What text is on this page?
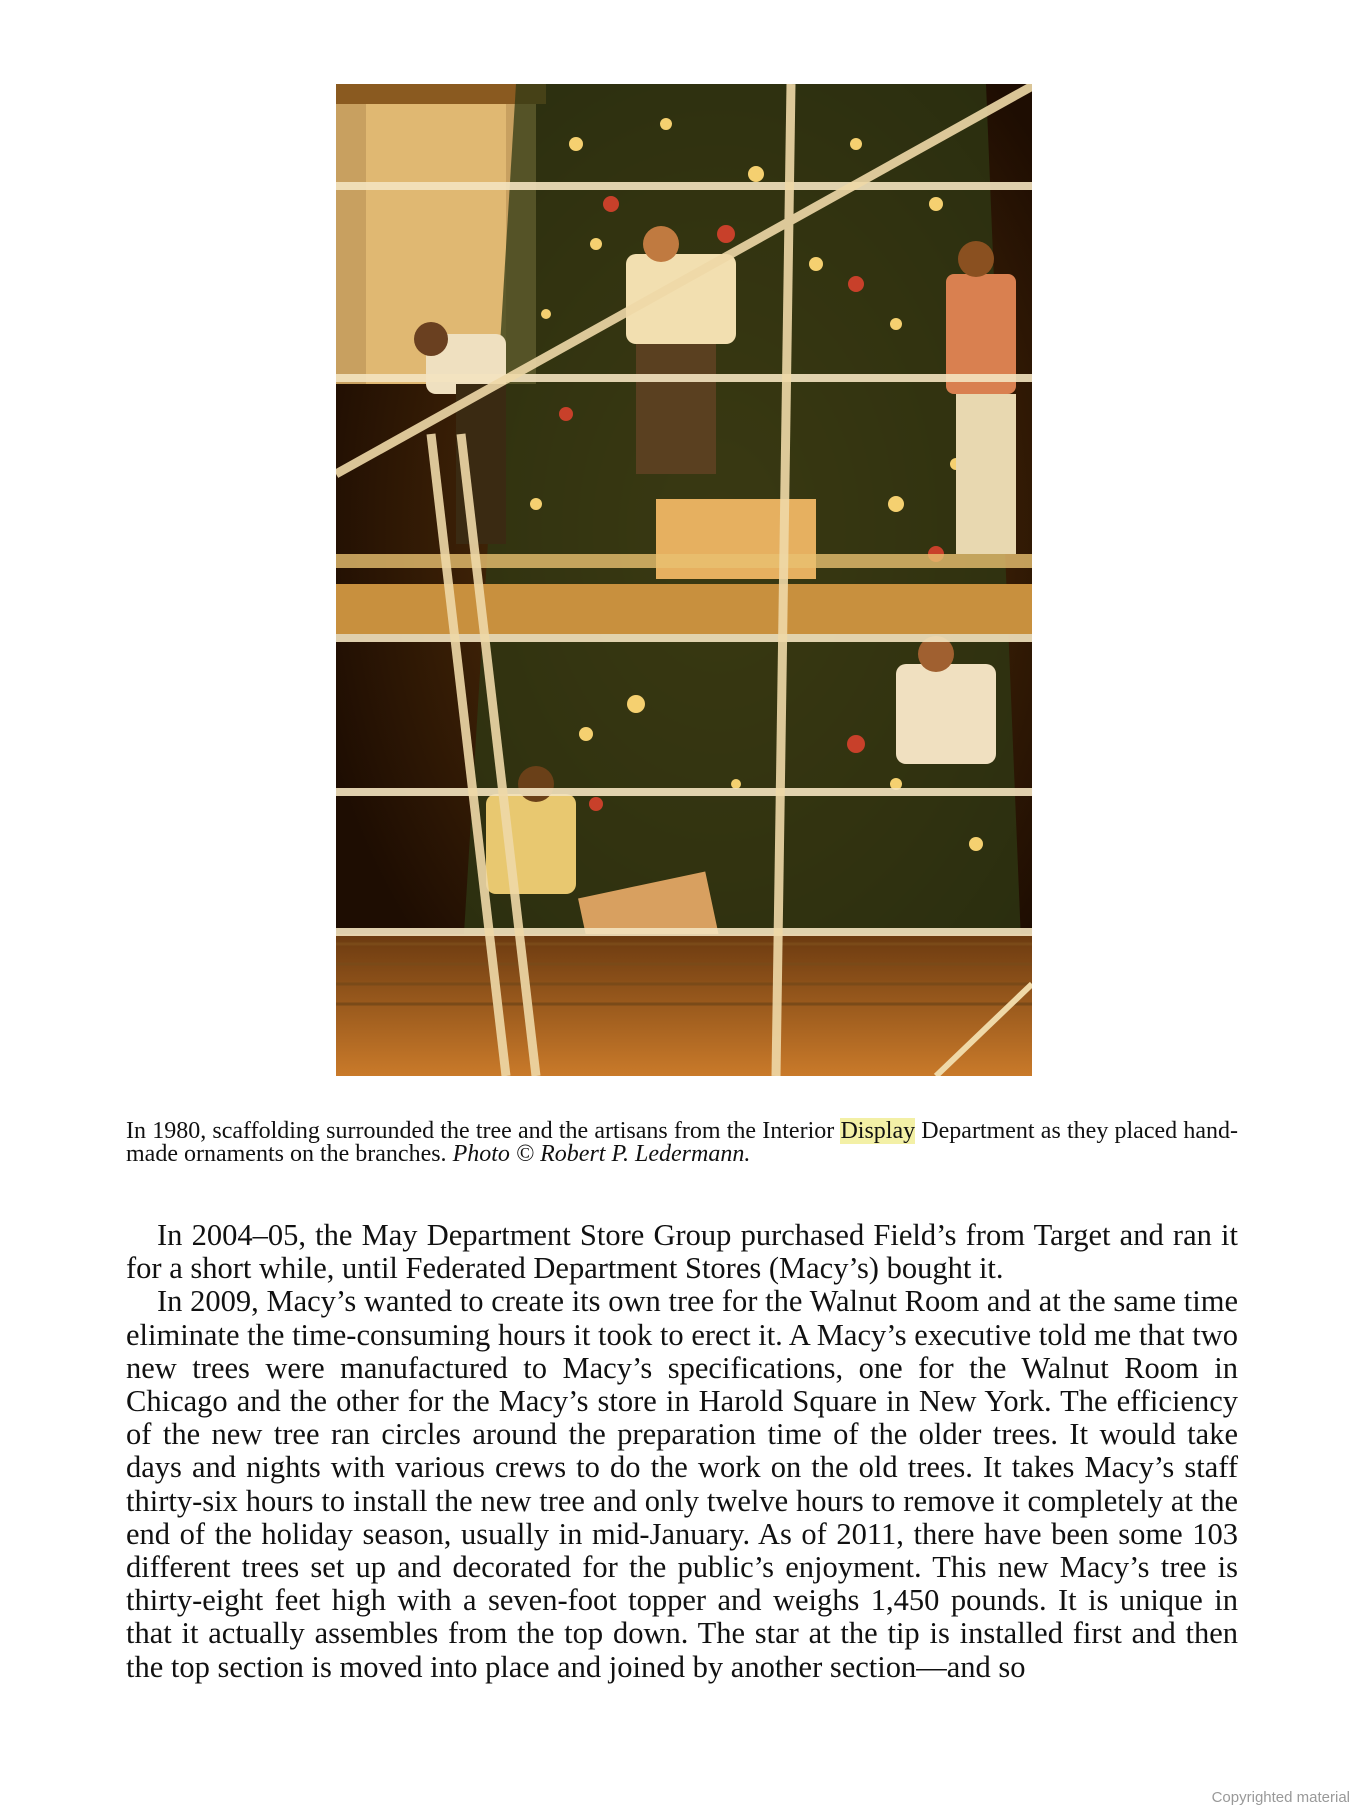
In 1980, scaffolding surrounded the tree and the artisans from the Interior Display Department as they placed hand-made ornaments on the branches. Photo © Robert P. Ledermann.

In 2004–05, the May Department Store Group purchased Field’s from Target and ran it for a short while, until Federated Department Stores (Macy’s) bought it.

In 2009, Macy’s wanted to create its own tree for the Walnut Room and at the same time eliminate the time-consuming hours it took to erect it. A Macy’s executive told me that two new trees were manufactured to Macy’s specifications, one for the Walnut Room in Chicago and the other for the Macy’s store in Harold Square in New York. The efficiency of the new tree ran circles around the preparation time of the older trees. It would take days and nights with various crews to do the work on the old trees. It takes Macy’s staff thirty-six hours to install the new tree and only twelve hours to remove it completely at the end of the holiday season, usually in mid-January. As of 2011, there have been some 103 different trees set up and decorated for the public’s enjoyment. This new Macy’s tree is thirty-eight feet high with a seven-foot topper and weighs 1,450 pounds. It is unique in that it actually assembles from the top down. The star at the tip is installed first and then the top section is moved into place and joined by another section—and so

Copyrighted material
